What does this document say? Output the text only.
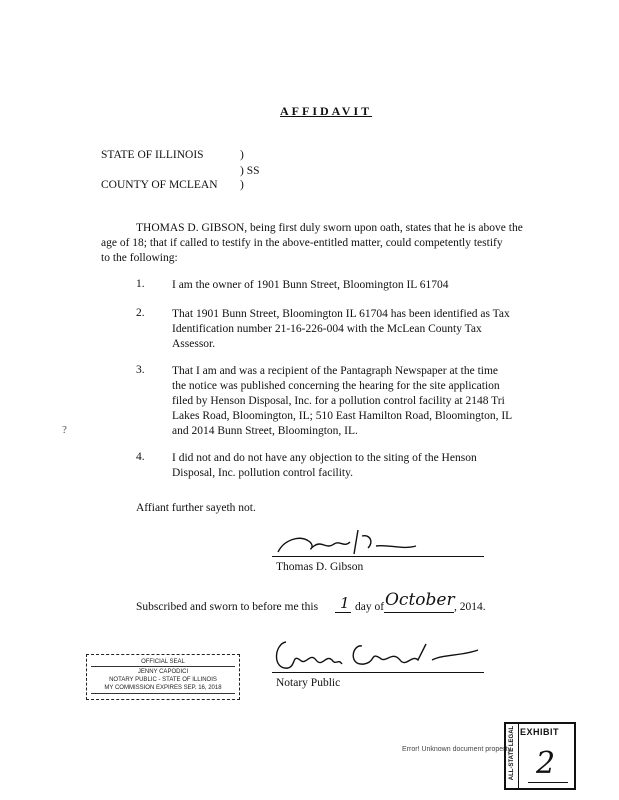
AFFIDAVIT
STATE OF ILLINOIS	)
) SS
COUNTY OF MCLEAN )
THOMAS D. GIBSON, being first duly sworn upon oath, states that he is above the
age of 18; that if called to testify in the above-entitled matter, could competently testify
to the following:
1. I am the owner of 1901 Bunn Street, Bloomington IL 61704
2. That 1901 Bunn Street, Bloomington IL 61704 has been identified as Tax
Identification number 21-16-226-004 with the McLean County Tax
Assessor.
3. That I am and was a recipient of the Pantagraph Newspaper at the time
the notice was published concerning the hearing for the site application
filed by Henson Disposal, Inc. for a pollution control facility at 2148 Tri
Lakes Road, Bloomington, IL; 510 East Hamilton Road, Bloomington, IL
and 2014 Bunn Street, Bloomington, IL.
?
4. I did not and do not have any objection to the siting of the Henson
Disposal, Inc. pollution control facility.
Affiant further sayeth not.
Thomas D. Gibson
Subscribed and sworn to before me this 1 day of October , 2014.
Notary Public
OFFICIAL SEAL
JENNY CAPODICI
NOTARY PUBLIC - STATE OF ILLINOIS
MY COMMISSION EXPIRES SEP. 16, 2018
Error! Unknown document property
ALL-STATE LEGAL EXHIBIT
2
